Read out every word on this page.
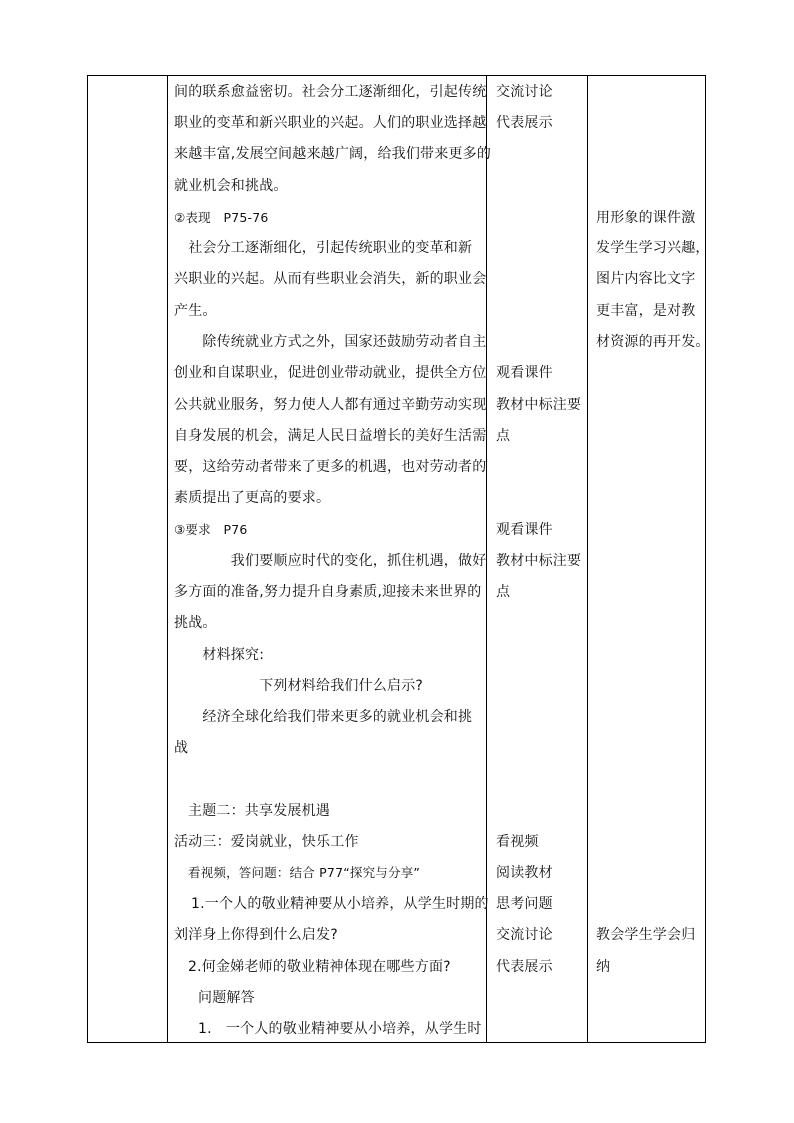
间的联系愈益密切。社会分工逐渐细化，引起传统
职业的变革和新兴职业的兴起。人们的职业选择越
来越丰富,发展空间越来越广阔，给我们带来更多的
就业机会和挑战。
②表现　P75-76
　社会分工逐渐细化，引起传统职业的变革和新
兴职业的兴起。从而有些职业会消失，新的职业会
产生。
　　除传统就业方式之外，国家还鼓励劳动者自主
创业和自谋职业，促进创业带动就业，提供全方位
公共就业服务，努力使人人都有通过辛勤劳动实现
自身发展的机会，满足人民日益增长的美好生活需
要，这给劳动者带来了更多的机遇，也对劳动者的
素质提出了更高的要求。
③要求　P76
　　　　我们要顺应时代的变化，抓住机遇，做好
多方面的准备,努力提升自身素质,迎接未来世界的
挑战。
　　材料探究:
　　　　　　下列材料给我们什么启示?
　　经济全球化给我们带来更多的就业机会和挑
战
主题二：共享发展机遇
活动三：爱岗就业，快乐工作
看视频，答问题：结合 P77“探究与分享”
1.一个人的敬业精神要从小培养，从学生时期的
刘洋身上你得到什么启发?
2.何金娣老师的敬业精神体现在哪些方面?
问题解答
1.　一个人的敬业精神要从小培养，从学生时
交流讨论
代表展示
观看课件
教材中标注要
点
观看课件
教材中标注要
点
看视频
阅读教材
思考问题
交流讨论
代表展示
用形象的课件激
发学生学习兴趣，
图片内容比文字
更丰富，是对教
材资源的再开发。
教会学生学会归
纳
